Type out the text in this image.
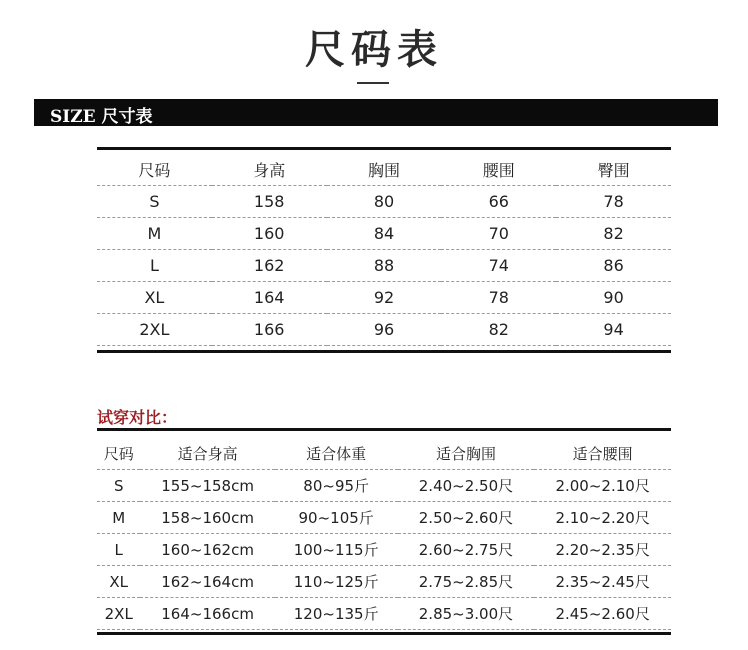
尺码表
SIZE 尺寸表
尺码	身高	胸围	腰围	臀围
S	158	80	66	78
M	160	84	70	82
L	162	88	74	86
XL	164	92	78	90
2XL	166	96	82	94
试穿对比：
尺码	适合身高	适合体重	适合胸围	适合腰围
S	155~158cm	80~95斤	2.40~2.50尺	2.00~2.10尺
M	158~160cm	90~105斤	2.50~2.60尺	2.10~2.20尺
L	160~162cm	100~115斤	2.60~2.75尺	2.20~2.35尺
XL	162~164cm	110~125斤	2.75~2.85尺	2.35~2.45尺
2XL	164~166cm	120~135斤	2.85~3.00尺	2.45~2.60尺
